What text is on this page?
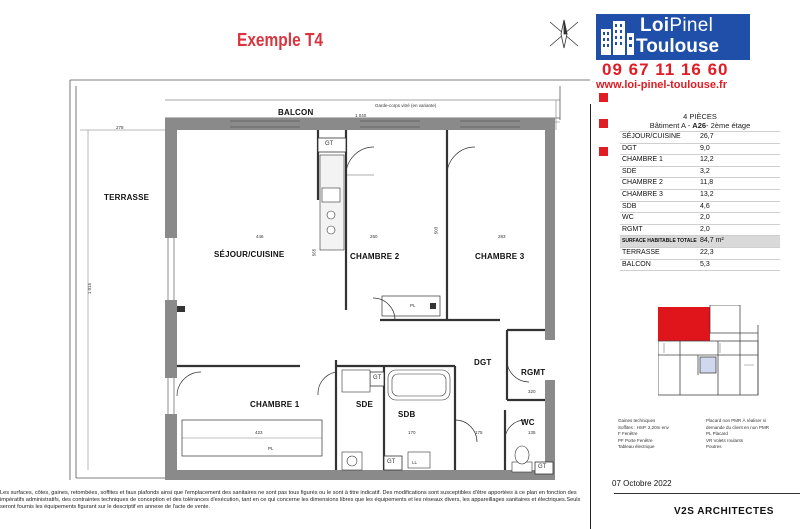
Exemple T4
LoiPinel
Toulouse
09 67 11 16 60
www.loi-pinel-toulouse.fr
4 PIÈCES
Bâtiment A - A26- 2ème étage
SÉJOUR/CUISINE	26,7
DGT	9,0
CHAMBRE 1	12,2
SDE	3,2
CHAMBRE 2	11,8
CHAMBRE 3	13,2
SDB	4,6
WC	2,0
RGMT	2,0
SURFACE HABITABLE TOTALE 84,7 m²
TERRASSE	22,3
BALCON	5,3
Gaines techniques
Soffites : HSP. 2,20m env
F Fenêtre
PF Porte Fenêtre
Tableau électrique
Placard non PMR À réaliser si
demande du client en non PMR
PL Placard
VR Volets roulants
Poutres
07 Octobre 2022
V2S ARCHITECTES
TERRASSE
BALCON
SÉJOUR/CUISINE	CHAMBRE 2	CHAMBRE 3
CHAMBRE 1	SDE
SDB
DGT
RGMT
WC
GT
GT
GT
GT
PL
PL
LL
1 040
Garde-corps vitré (en variante)
278
1 015
446
565
260
503
283
423	170	175
320
135
Les surfaces, côtes, gaines, retombées, soffites et faux plafonds ainsi que l'emplacement des sanitaires ne sont pas tous figurés ou le sont à titre indicatif. Des modifications sont susceptibles d'être apportées à ce plan en fonction des impératifs administratifs, des contraintes techniques de conception et des tolérances d'exécution, tant en ce qui concerne les dimensions libres que les équipements et les réseaux divers, les appareillages sanitaires et électriques.Seuls seront fournis les équipements figurant sur le descriptif en annexe de l'acte de vente.
